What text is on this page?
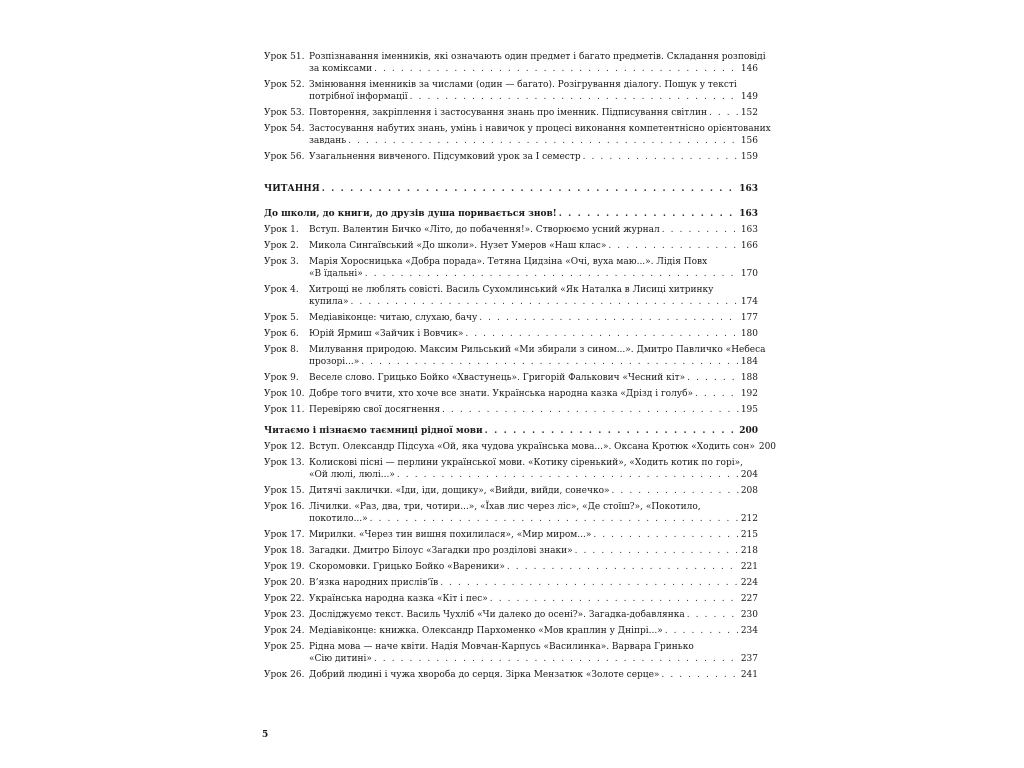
Урок 51. Розпізнавання іменників, які означають один предмет і багато предметів. Складання розповіді
за коміксами . . .	146
Урок 52. Змінювання іменників за числами (один — багато). Розігрування діалогу. Пошук у тексті
потрібної інформації . . .	149
Урок 53. Повторення, закріплення і застосування знань про іменник. Підписування світлин . . .	152
Урок 54. Застосування набутих знань, умінь і навичок у процесі виконання компетентнісно орієнтованих
завдань . . .	156
Урок 56. Узагальнення вивченого. Підсумковий урок за І семестр . . .	159
ЧИТАННЯ . . .	163
До школи, до книги, до друзів душа поривається знов! . . .	163
Урок 1.	Вступ. Валентин Бичко «Літо, до побачення!». Створюємо усний журнал . . .	163
Урок 2.	Микола Сингаївський «До школи». Нузет Умеров «Наш клас» . . .	166
Урок 3.	Марія Хоросницька «Добра порада». Тетяна Цидзіна «Очі, вуха маю...». Лідія Повх
«В їдальні» . . .	170
Урок 4.	Хитрощі не люблять совісті. Василь Сухомлинський «Як Наталка в Лисиці хитринку
купила» . . .	174
Урок 5.	Медіавіконце: читаю, слухаю, бачу . . .	177
Урок 6.	Юрій Ярмиш «Зайчик і Вовчик» . . .	180
Урок 8.	Милування природою. Максим Рильський «Ми збирали з сином...». Дмитро Павличко «Небеса
прозорі...» . . .	184
Урок 9.	Веселе слово. Грицько Бойко «Хвастунець». Григорій Фалькович «Чесний кіт» . . .	188
Урок 10. Добре того вчити, хто хоче все знати. Українська народна казка «Дрізд і голуб» . . .	192
Урок 11. Перевіряю свої досягнення . . .	195
Читаємо і пізнаємо таємниці рідної мови . . .	200
Урок 12. Вступ. Олександр Підсуха «Ой, яка чудова українська мова...». Оксана Кротюк «Ходить сон» 200
Урок 13. Колискові пісні — перлини української мови. «Котику сіренький», «Ходить котик по горі»,
«Ой люлі, люлі...» . . .	204
Урок 15. Дитячі заклички. «Іди, іди, дощику», «Вийди, вийди, сонечко» . . .	208
Урок 16. Лічилки. «Раз, два, три, чотири...», «Їхав лис через ліс», «Де стоїш?», «Покотило,
покотило...» . . .	212
Урок 17. Мирилки. «Через тин вишня похилилася», «Мир миром...» . . .	215
Урок 18. Загадки. Дмитро Білоус «Загадки про розділові знаки» . . .	218
Урок 19. Скоромовки. Грицько Бойко «Вареники» . . .	221
Урок 20. В’язка народних прислів’їв . . .	224
Урок 22. Українська народна казка «Кіт і пес» . . .	227
Урок 23. Досліджуємо текст. Василь Чухліб «Чи далеко до осені?». Загадка-добавлянка . . .	230
Урок 24. Медіавіконце: книжка. Олександр Пархоменко «Мов краплин у Дніпрі...» . . .	234
Урок 25. Рідна мова — наче квіти. Надія Мовчан-Карпусь «Василинка». Варвара Гринько
«Сію дитині» . . .	237
Урок 26. Добрий людині і чужа хвороба до серця. Зірка Мензатюк «Золоте серце» . . .	241
5
